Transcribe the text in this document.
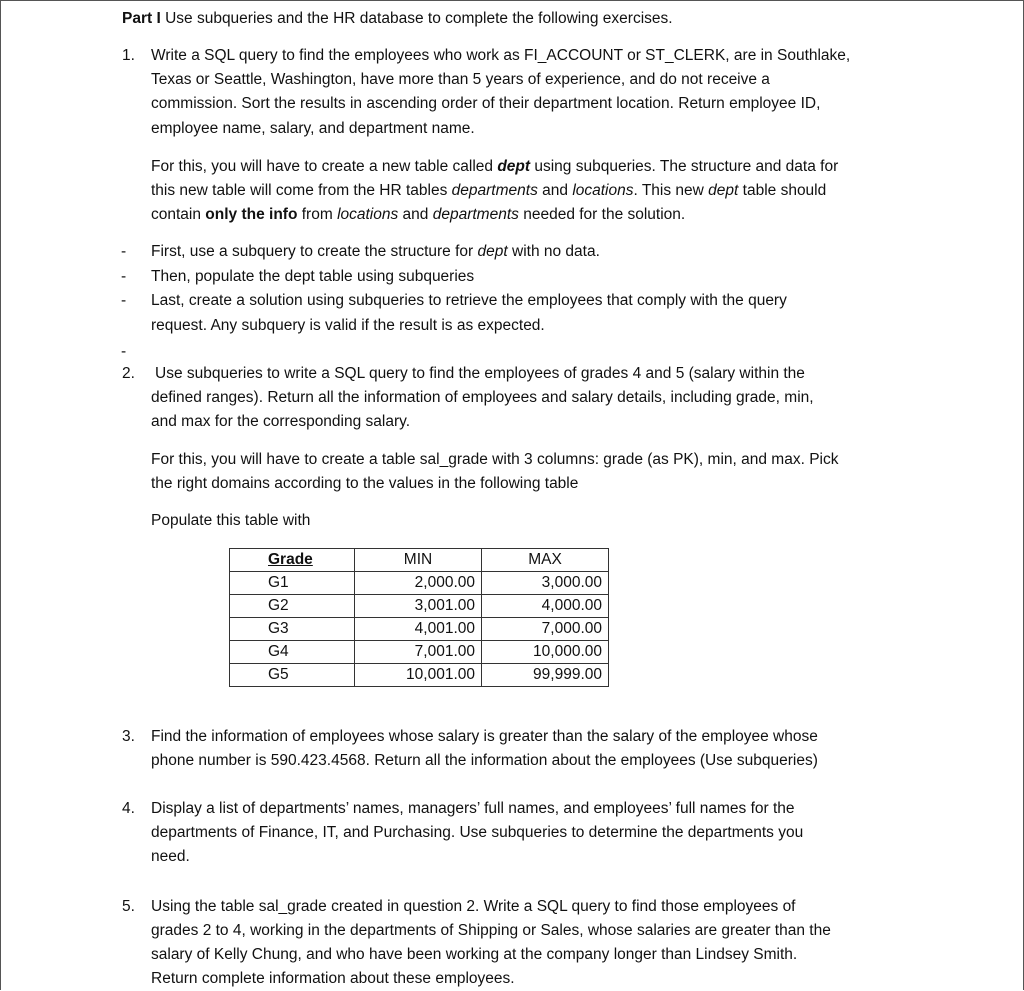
Part I Use subqueries and the HR database to complete the following exercises.
1. Write a SQL query to find the employees who work as FI_ACCOUNT or ST_CLERK, are in Southlake,
Texas or Seattle, Washington, have more than 5 years of experience, and do not receive a
commission. Sort the results in ascending order of their department location. Return employee ID,
employee name, salary, and department name.
For this, you will have to create a new table called dept using subqueries. The structure and data for
this new table will come from the HR tables departments and locations. This new dept table should
contain only the info from locations and departments needed for the solution.
- First, use a subquery to create the structure for dept with no data.
- Then, populate the dept table using subqueries
- Last, create a solution using subqueries to retrieve the employees that comply with the query
request. Any subquery is valid if the result is as expected.
-
2. Use subqueries to write a SQL query to find the employees of grades 4 and 5 (salary within the
defined ranges). Return all the information of employees and salary details, including grade, min,
and max for the corresponding salary.
For this, you will have to create a table sal_grade with 3 columns: grade (as PK), min, and max. Pick
the right domains according to the values in the following table
Populate this table with
Grade	MIN	MAX
G1	2,000.00	3,000.00
G2	3,001.00	4,000.00
G3	4,001.00	7,000.00
G4	7,001.00	10,000.00
G5	10,001.00	99,999.00
3. Find the information of employees whose salary is greater than the salary of the employee whose
phone number is 590.423.4568. Return all the information about the employees (Use subqueries)
4. Display a list of departments’ names, managers’ full names, and employees’ full names for the
departments of Finance, IT, and Purchasing. Use subqueries to determine the departments you
need.
5. Using the table sal_grade created in question 2. Write a SQL query to find those employees of
grades 2 to 4, working in the departments of Shipping or Sales, whose salaries are greater than the
salary of Kelly Chung, and who have been working at the company longer than Lindsey Smith.
Return complete information about these employees.
